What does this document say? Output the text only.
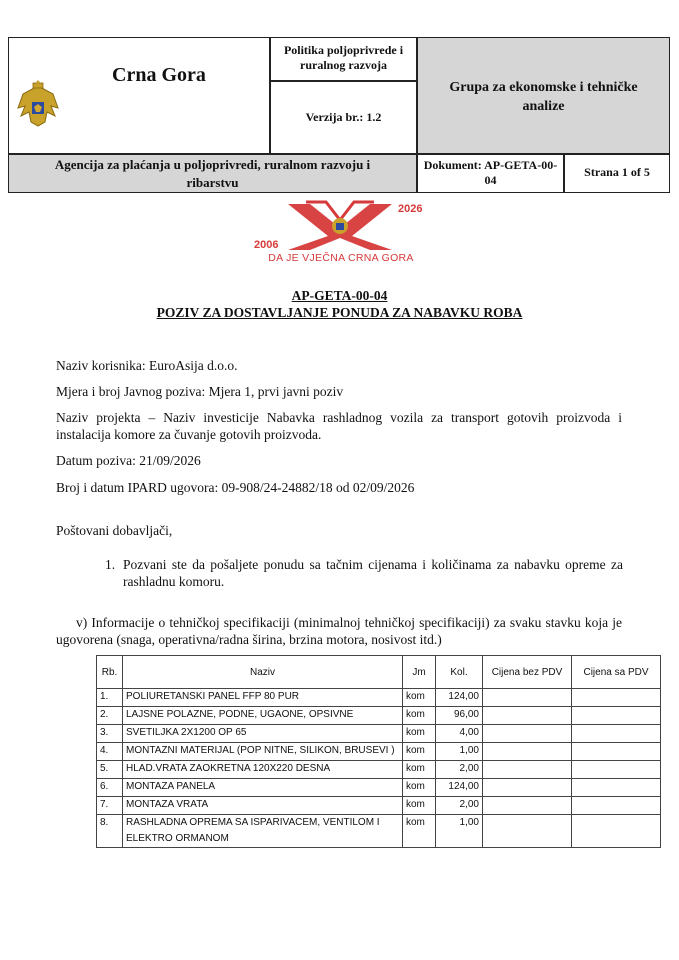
Crna Gora
Politika poljoprivrede i ruralnog razvoja
Verzija br.: 1.2
Grupa za ekonomske i tehničke analize
Agencija za plaćanja u poljoprivredi, ruralnom razvoju i ribarstvu
Dokument: AP-GETA-00-04
Strana 1 of 5
2026
2006
DA JE VJEČNA CRNA GORA
AP-GETA-00-04
POZIV ZA DOSTAVLJANJE PONUDA ZA NABAVKU ROBA
Naziv korisnika: EuroAsija d.o.o.
Mjera i broj Javnog poziva: Mjera 1, prvi javni poziv
Naziv projekta – Naziv investicije Nabavka rashladnog vozila za transport gotovih proizvoda i instalacija komore za čuvanje gotovih proizvoda.
Datum poziva: 21/09/2026
Broj i datum IPARD ugovora: 09-908/24-24882/18 od 02/09/2026
Poštovani dobavljači,
1. Pozvani ste da pošaljete ponudu sa tačnim cijenama i količinama za nabavku opreme za rashladnu komoru.
v) Informacije o tehničkoj specifikaciji (minimalnoj tehničkoj specifikaciji) za svaku stavku koja je ugovorena (snaga, operativna/radna širina, brzina motora, nosivost itd.)
Rb.	Naziv	Jm	Kol.	Cijena bez PDV	Cijena sa PDV
1.	POLIURETANSKI PANEL FFP 80 PUR	kom	124,00		
2.	LAJSNE POLAZNE, PODNE, UGAONE, OPSIVNE	kom	96,00		
3.	SVETILJKA 2X1200 OP 65	kom	4,00		
4.	MONTAZNI MATERIJAL (POP NITNE, SILIKON, BRUSEVI )	kom	1,00		
5.	HLAD.VRATA ZAOKRETNA 120X220 DESNA	kom	2,00		
6.	MONTAZA PANELA	kom	124,00		
7.	MONTAZA VRATA	kom	2,00		
8.	RASHLADNA OPREMA SA ISPARIVACEM, VENTILOM I ELEKTRO ORMANOM	kom	1,00		
